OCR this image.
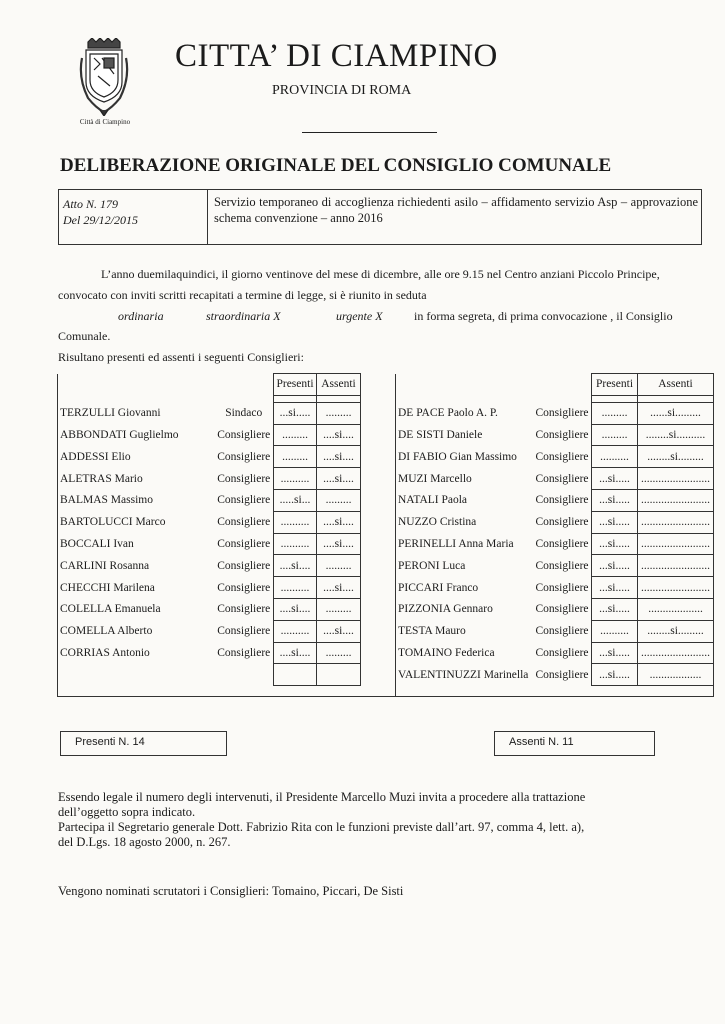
Città di Ciampino
CITTA’ DI CIAMPINO
PROVINCIA DI ROMA
DELIBERAZIONE ORIGINALE DEL CONSIGLIO COMUNALE
Atto N. 179
Del 29/12/2015
Servizio temporaneo di accoglienza richiedenti asilo – affidamento servizio Asp – approvazione schema convenzione – anno 2016
L’anno duemilaquindici, il giorno ventinove del mese di dicembre, alle ore 9.15 nel Centro anziani Piccolo Principe,
convocato con inviti scritti recapitati a termine di legge, si è riunito in seduta
ordinaria	straordinaria X	urgente X	in forma segreta, di prima convocazione , il Consiglio
Comunale.
Risultano presenti ed assenti i seguenti Consiglieri:
		Presenti	Assenti				Presenti	Assenti

TERZULLI Giovanni	Sindaco	...si.....	.........		DE PACE Paolo A. P.	Consigliere	.........	......si.........
ABBONDATI Guglielmo	Consigliere	.........	....si....		DE SISTI Daniele	Consigliere	.........	........si..........
ADDESSI Elio	Consigliere	.........	....si....		DI FABIO Gian Massimo	Consigliere	..........	........si.........
ALETRAS Mario	Consigliere	..........	....si....		MUZI Marcello	Consigliere	...si.....	........................
BALMAS Massimo	Consigliere	.....si...	.........		NATALI Paola	Consigliere	...si.....	........................
BARTOLUCCI Marco	Consigliere	..........	....si....		NUZZO Cristina	Consigliere	...si.....	........................
BOCCALI Ivan	Consigliere	..........	....si....		PERINELLI Anna Maria	Consigliere	...si.....	........................
CARLINI Rosanna	Consigliere	....si....	.........		PERONI Luca	Consigliere	...si.....	........................
CHECCHI Marilena	Consigliere	..........	....si....		PICCARI Franco	Consigliere	...si.....	........................
COLELLA Emanuela	Consigliere	....si....	.........		PIZZONIA Gennaro	Consigliere	...si.....	...................
COMELLA Alberto	Consigliere	..........	....si....		TESTA Mauro	Consigliere	..........	........si.........
CORRIAS Antonio	Consigliere	....si....	.........		TOMAINO Federica	Consigliere	...si.....	........................
					VALENTINUZZI Marinella	Consigliere	...si.....	..................

Presenti N. 14	Assenti N. 11
Essendo legale il numero degli intervenuti, il Presidente Marcello Muzi invita a procedere alla trattazione
dell’oggetto sopra indicato.
Partecipa il Segretario generale Dott. Fabrizio Rita con le funzioni previste dall’art. 97, comma 4, lett. a),
del D.Lgs. 18 agosto 2000, n. 267.
Vengono nominati scrutatori i Consiglieri: Tomaino, Piccari, De Sisti
